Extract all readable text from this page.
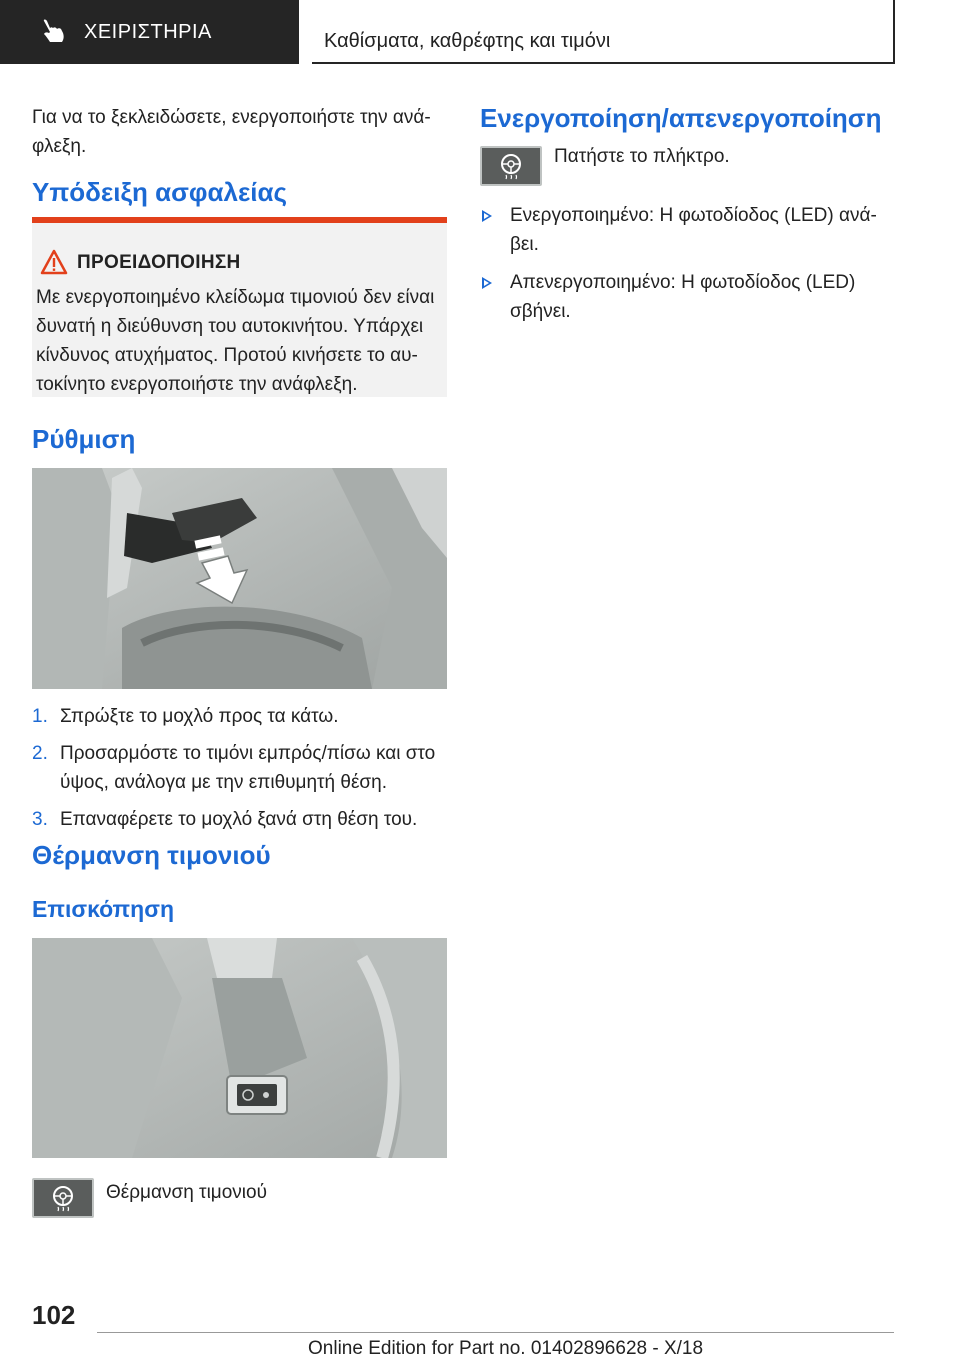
ΧΕΙΡΙΣΤΗΡΙΑ	Καθίσματα, καθρέφτης και τιμόνι

Για να το ξεκλειδώσετε, ενεργοποιήστε την ανά-φλεξη.

Υπόδειξη ασφαλείας
ΠΡΟΕΙΔΟΠΟΙΗΣΗ
Με ενεργοποιημένο κλείδωμα τιμονιού δεν είναι δυνατή η διεύθυνση του αυτοκινήτου. Υπάρχει κίνδυνος ατυχήματος. Προτού κινήσετε το αυ-τοκίνητο ενεργοποιήστε την ανάφλεξη.
Ρύθμιση
1. Σπρώξτε το μοχλό προς τα κάτω.
2. Προσαρμόστε το τιμόνι εμπρός/πίσω και στο ύψος, ανάλογα με την επιθυμητή θέση.
3. Επαναφέρετε το μοχλό ξανά στη θέση του.
Θέρμανση τιμονιού
Επισκόπηση

Θέρμανση τιμονιού

Ενεργοποίηση/απενεργοποίηση

Πατήστε το πλήκτρο.

Ενεργοποιημένο: Η φωτοδίοδος (LED) ανά-βει.
Απενεργοποιημένο: Η φωτοδίοδος (LED) σβήνει.
102
Online Edition for Part no. 01402896628 - X/18
